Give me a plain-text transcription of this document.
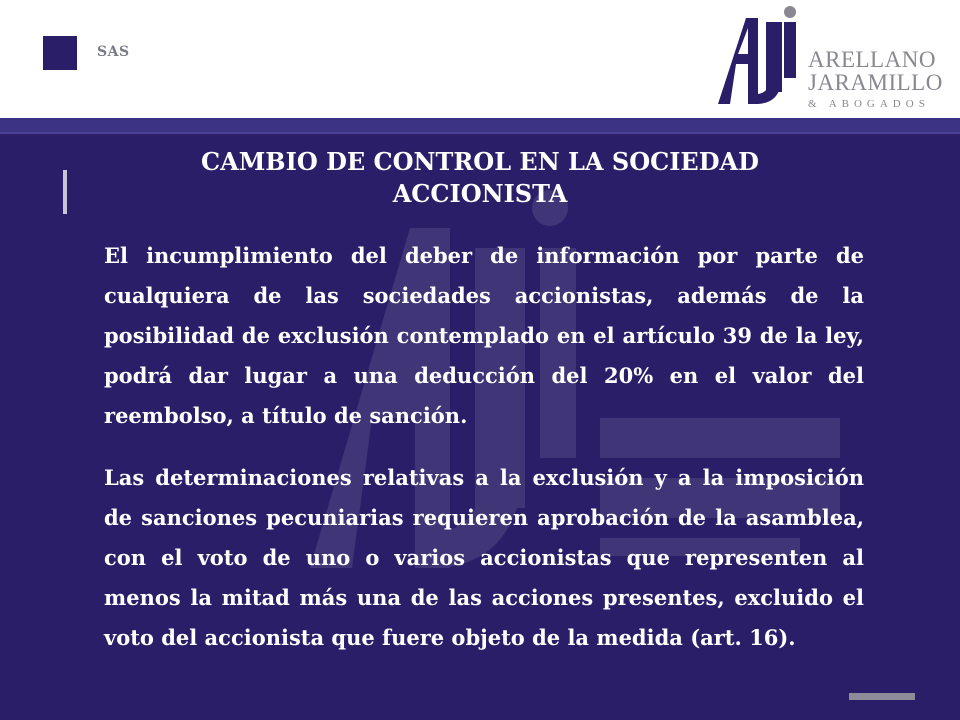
SAS	ARELLANO
JARAMILLO
& ABOGADOS
CAMBIO DE CONTROL EN LA SOCIEDAD
ACCIONISTA

El incumplimiento del deber de información por parte de cualquiera de las sociedades accionistas, además de la posibilidad de exclusión contemplado en el artículo 39 de la ley, podrá dar lugar a una deducción del 20% en el valor del reembolso, a título de sanción.

Las determinaciones relativas a la exclusión y a la imposición de sanciones pecuniarias requieren aprobación de la asamblea, con el voto de uno o varios accionistas que representen al menos la mitad más una de las acciones presentes, excluido el voto del accionista que fuere objeto de la medida (art. 16).
